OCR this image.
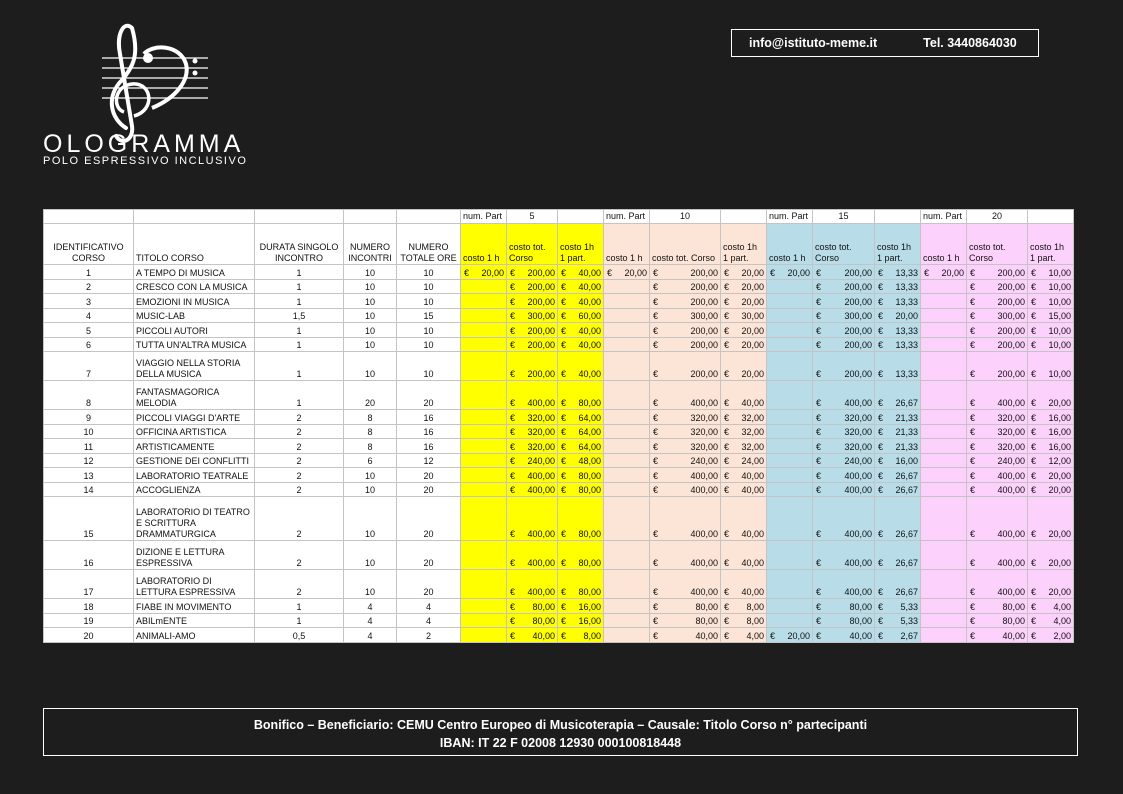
OLOGRAMMA
POLO ESPRESSIVO INCLUSIVO
info@istituto-meme.it	Tel. 3440864030
					num. Part	5		num. Part	10		num. Part	15		num. Part	20	
IDENTIFICATIVO CORSO	TITOLO CORSO	DURATA SINGOLO INCONTRO	NUMERO INCONTRI	NUMERO TOTALE ORE	costo 1 h	costo tot. Corso	costo 1h 1 part.	costo 1 h	costo tot. Corso	costo 1h 1 part.	costo 1 h	costo tot. Corso	costo 1h 1 part.	costo 1 h	costo tot. Corso	costo 1h 1 part.
1	A TEMPO DI MUSICA	1	10	10	€ 20,00	€ 200,00	€ 40,00	€ 20,00	€ 200,00	€ 20,00	€ 20,00	€ 200,00	€ 13,33	€ 20,00	€ 200,00	€ 10,00
2	CRESCO CON LA MUSICA	1	10	10		€ 200,00	€ 40,00		€ 200,00	€ 20,00		€ 200,00	€ 13,33		€ 200,00	€ 10,00
3	EMOZIONI IN MUSICA	1	10	10		€ 200,00	€ 40,00		€ 200,00	€ 20,00		€ 200,00	€ 13,33		€ 200,00	€ 10,00
4	MUSIC-LAB	1,5	10	15		€ 300,00	€ 60,00		€ 300,00	€ 30,00		€ 300,00	€ 20,00		€ 300,00	€ 15,00
5	PICCOLI AUTORI	1	10	10		€ 200,00	€ 40,00		€ 200,00	€ 20,00		€ 200,00	€ 13,33		€ 200,00	€ 10,00
6	TUTTA UN'ALTRA MUSICA	1	10	10		€ 200,00	€ 40,00		€ 200,00	€ 20,00		€ 200,00	€ 13,33		€ 200,00	€ 10,00
7	VIAGGIO NELLA STORIA DELLA MUSICA	1	10	10		€ 200,00	€ 40,00		€ 200,00	€ 20,00		€ 200,00	€ 13,33		€ 200,00	€ 10,00
8	FANTASMAGORICA MELODIA	1	20	20		€ 400,00	€ 80,00		€ 400,00	€ 40,00		€ 400,00	€ 26,67		€ 400,00	€ 20,00
9	PICCOLI VIAGGI D'ARTE	2	8	16		€ 320,00	€ 64,00		€ 320,00	€ 32,00		€ 320,00	€ 21,33		€ 320,00	€ 16,00
10	OFFICINA ARTISTICA	2	8	16		€ 320,00	€ 64,00		€ 320,00	€ 32,00		€ 320,00	€ 21,33		€ 320,00	€ 16,00
11	ARTISTICAMENTE	2	8	16		€ 320,00	€ 64,00		€ 320,00	€ 32,00		€ 320,00	€ 21,33		€ 320,00	€ 16,00
12	GESTIONE DEI CONFLITTI	2	6	12		€ 240,00	€ 48,00		€ 240,00	€ 24,00		€ 240,00	€ 16,00		€ 240,00	€ 12,00
13	LABORATORIO TEATRALE	2	10	20		€ 400,00	€ 80,00		€ 400,00	€ 40,00		€ 400,00	€ 26,67		€ 400,00	€ 20,00
14	ACCOGLIENZA	2	10	20		€ 400,00	€ 80,00		€ 400,00	€ 40,00		€ 400,00	€ 26,67		€ 400,00	€ 20,00
15	LABORATORIO DI TEATRO E SCRITTURA DRAMMATURGICA	2	10	20		€ 400,00	€ 80,00		€ 400,00	€ 40,00		€ 400,00	€ 26,67		€ 400,00	€ 20,00
16	DIZIONE E LETTURA ESPRESSIVA	2	10	20		€ 400,00	€ 80,00		€ 400,00	€ 40,00		€ 400,00	€ 26,67		€ 400,00	€ 20,00
17	LABORATORIO DI LETTURA ESPRESSIVA	2	10	20		€ 400,00	€ 80,00		€ 400,00	€ 40,00		€ 400,00	€ 26,67		€ 400,00	€ 20,00
18	FIABE IN MOVIMENTO	1	4	4		€ 80,00	€ 16,00		€ 80,00	€ 8,00		€ 80,00	€ 5,33		€ 80,00	€ 4,00
19	ABILmENTE	1	4	4		€ 80,00	€ 16,00		€ 80,00	€ 8,00		€ 80,00	€ 5,33		€ 80,00	€ 4,00
20	ANIMALI-AMO	0,5	4	2		€ 40,00	€ 8,00		€ 40,00	€ 4,00	€ 20,00	€ 40,00	€ 2,67		€ 40,00	€ 2,00
Bonifico – Beneficiario: CEMU Centro Europeo di Musicoterapia – Causale: Titolo Corso n° partecipanti
IBAN: IT 22 F 02008 12930 000100818448
